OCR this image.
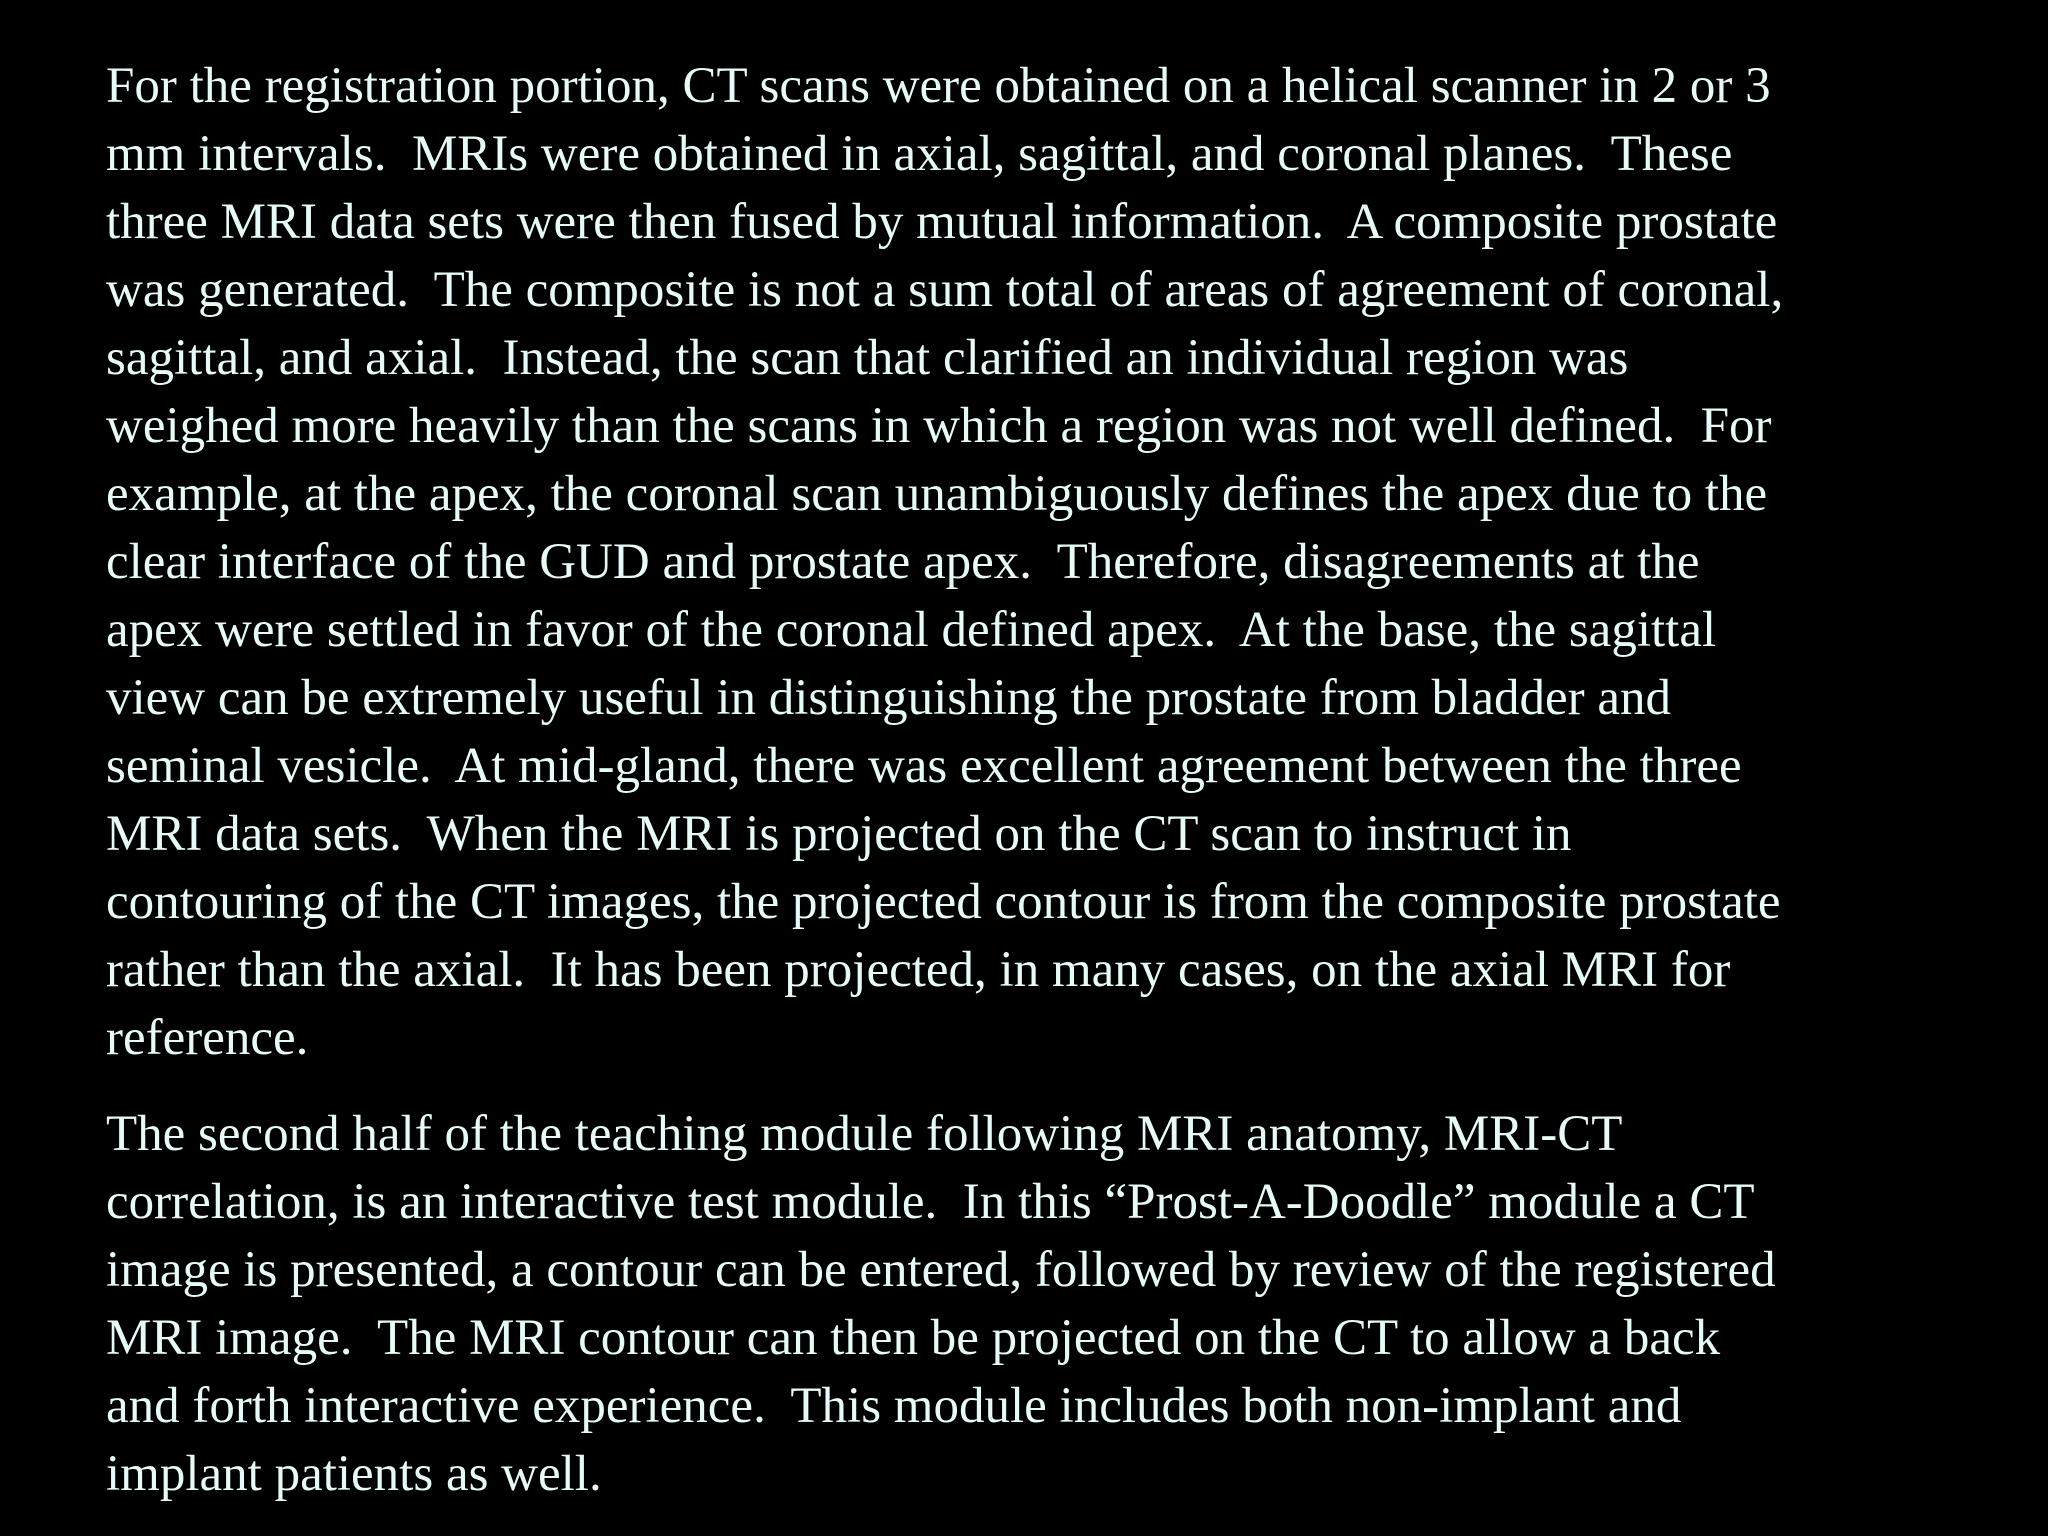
For the registration portion, CT scans were obtained on a helical scanner in 2 or 3
mm intervals.  MRIs were obtained in axial, sagittal, and coronal planes.  These
three MRI data sets were then fused by mutual information.  A composite prostate
was generated.  The composite is not a sum total of areas of agreement of coronal,
sagittal, and axial.  Instead, the scan that clarified an individual region was
weighed more heavily than the scans in which a region was not well defined.  For
example, at the apex, the coronal scan unambiguously defines the apex due to the
clear interface of the GUD and prostate apex.  Therefore, disagreements at the
apex were settled in favor of the coronal defined apex.  At the base, the sagittal
view can be extremely useful in distinguishing the prostate from bladder and
seminal vesicle.  At mid-gland, there was excellent agreement between the three
MRI data sets.  When the MRI is projected on the CT scan to instruct in
contouring of the CT images, the projected contour is from the composite prostate
rather than the axial.  It has been projected, in many cases, on the axial MRI for
reference.
The second half of the teaching module following MRI anatomy, MRI-CT
correlation, is an interactive test module.  In this “Prost-A-Doodle” module a CT
image is presented, a contour can be entered, followed by review of the registered
MRI image.  The MRI contour can then be projected on the CT to allow a back
and forth interactive experience.  This module includes both non-implant and
implant patients as well.
